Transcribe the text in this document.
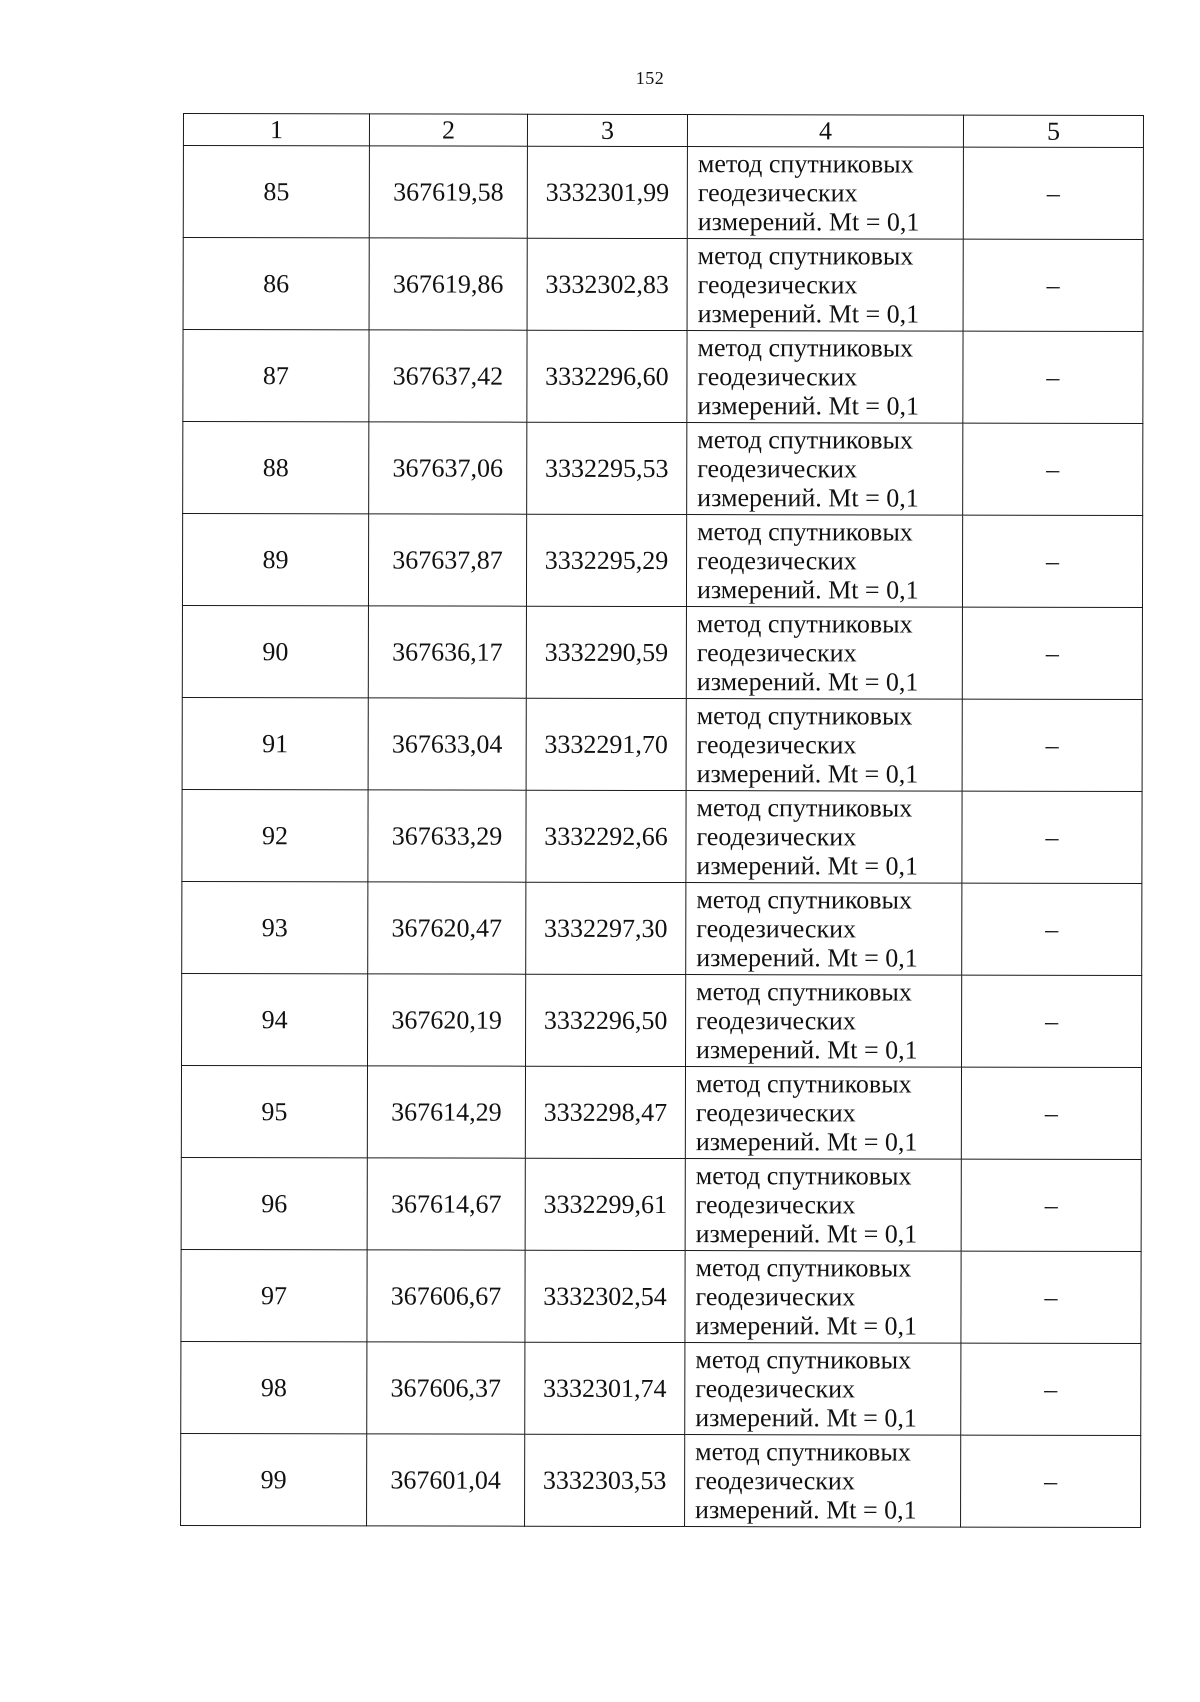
152
1	2	3	4	5
85	367619,58	3332301,99	метод спутниковых
геодезических
измерений. Mt = 0,1	–
86	367619,86	3332302,83	метод спутниковых
геодезических
измерений. Mt = 0,1	–
87	367637,42	3332296,60	метод спутниковых
геодезических
измерений. Mt = 0,1	–
88	367637,06	3332295,53	метод спутниковых
геодезических
измерений. Mt = 0,1	–
89	367637,87	3332295,29	метод спутниковых
геодезических
измерений. Mt = 0,1	–
90	367636,17	3332290,59	метод спутниковых
геодезических
измерений. Mt = 0,1	–
91	367633,04	3332291,70	метод спутниковых
геодезических
измерений. Mt = 0,1	–
92	367633,29	3332292,66	метод спутниковых
геодезических
измерений. Mt = 0,1	–
93	367620,47	3332297,30	метод спутниковых
геодезических
измерений. Mt = 0,1	–
94	367620,19	3332296,50	метод спутниковых
геодезических
измерений. Mt = 0,1	–
95	367614,29	3332298,47	метод спутниковых
геодезических
измерений. Mt = 0,1	–
96	367614,67	3332299,61	метод спутниковых
геодезических
измерений. Mt = 0,1	–
97	367606,67	3332302,54	метод спутниковых
геодезических
измерений. Mt = 0,1	–
98	367606,37	3332301,74	метод спутниковых
геодезических
измерений. Mt = 0,1	–
99	367601,04	3332303,53	метод спутниковых
геодезических
измерений. Mt = 0,1	–
